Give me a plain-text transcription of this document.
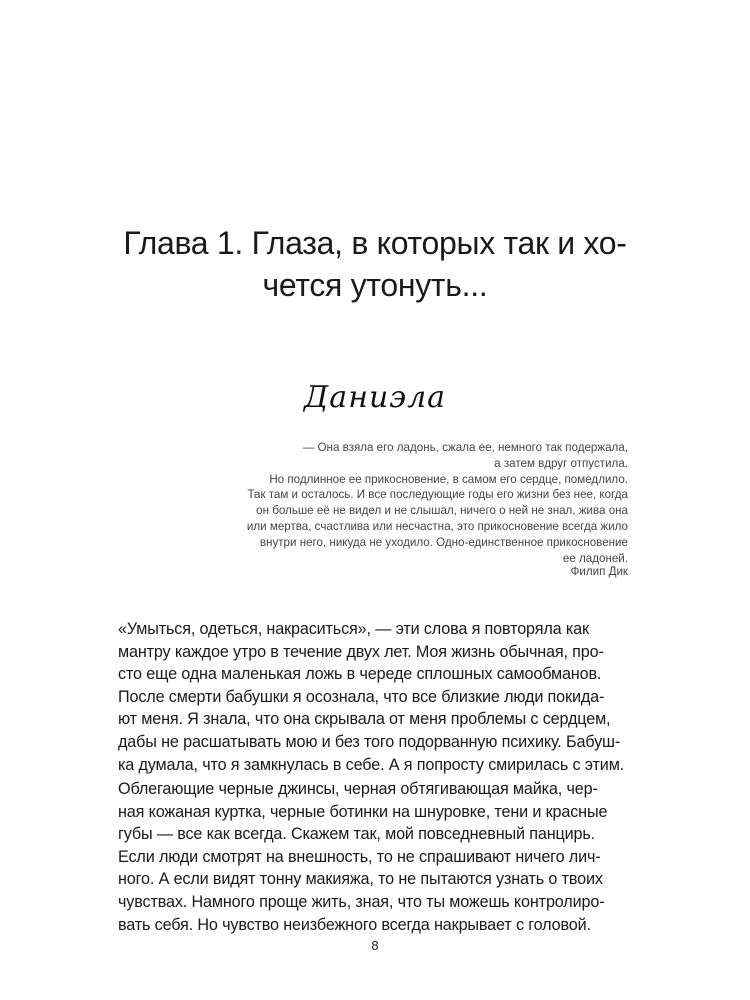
Глава 1. Глаза, в которых так и хо-
чется утонуть...
Даниэла
— Она взяла его ладонь, сжала ее, немного так подержала,
а затем вдруг отпустила.
Но подлинное ее прикосновение, в самом его сердце, помедлило.
Так там и осталось. И все последующие годы его жизни без нее, когда
он больше её не видел и не слышал, ничего о ней не знал, жива она
или мертва, счастлива или несчастна, это прикосновение всегда жило
внутри него, никуда не уходило. Одно-единственное прикосновение
ее ладоней.
Филип Дик
«Умыться, одеться, накраситься», — эти слова я повторяла как
мантру каждое утро в течение двух лет. Моя жизнь обычная, про-
сто еще одна маленькая ложь в череде сплошных самообманов.
После смерти бабушки я осознала, что все близкие люди покида-
ют меня. Я знала, что она скрывала от меня проблемы с сердцем,
дабы не расшатывать мою и без того подорванную психику. Бабуш-
ка думала, что я замкнулась в себе. А я попросту смирилась с этим.
Облегающие черные джинсы, черная обтягивающая майка, чер-
ная кожаная куртка, черные ботинки на шнуровке, тени и красные
губы — все как всегда. Скажем так, мой повседневный панцирь.
Если люди смотрят на внешность, то не спрашивают ничего лич-
ного. А если видят тонну макияжа, то не пытаются узнать о твоих
чувствах. Намного проще жить, зная, что ты можешь контролиро-
вать себя. Но чувство неизбежного всегда накрывает с головой.
8
